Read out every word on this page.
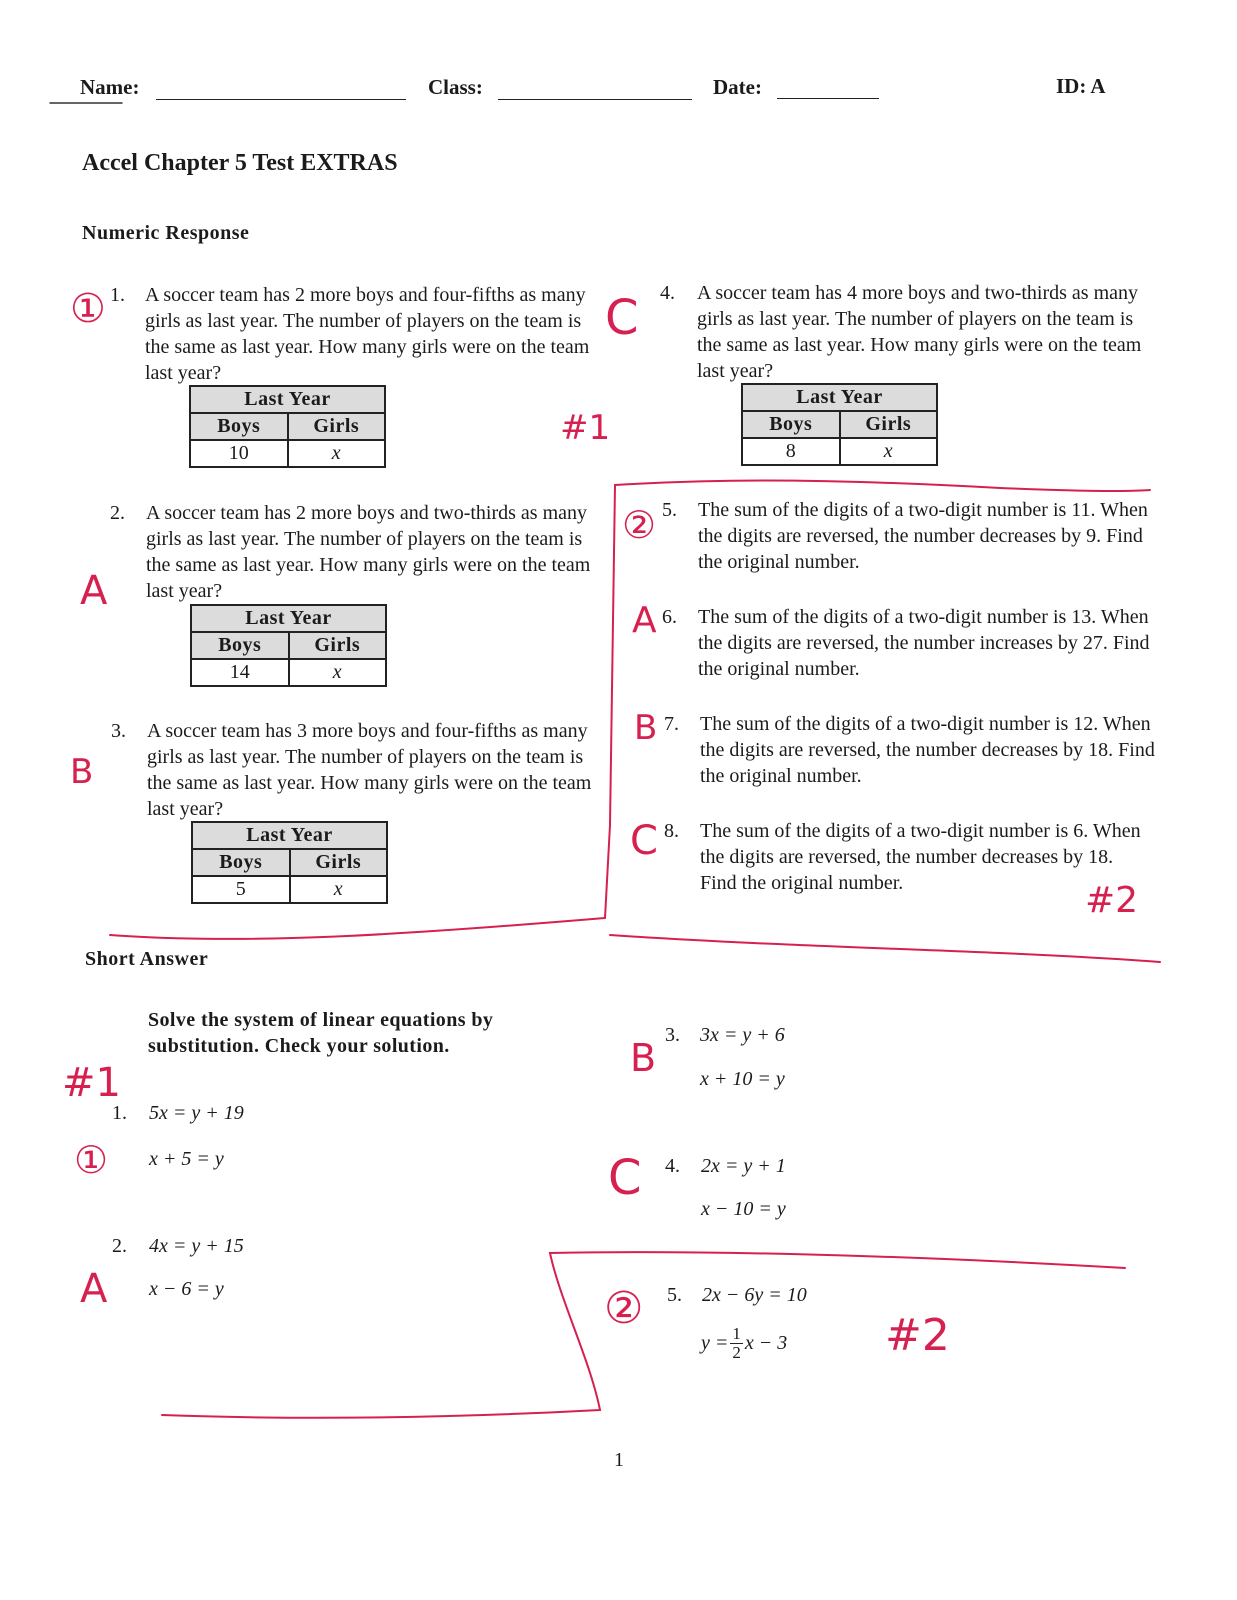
Name:	Class:	Date:	ID: A
Accel Chapter 5 Test EXTRAS
Numeric Response
1. A soccer team has 2 more boys and four-fifths as many girls as last year. The number of players on the team is the same as last year. How many girls were on the team last year?
Last Year	
Boys	Girls
10	x
2. A soccer team has 2 more boys and two-thirds as many girls as last year. The number of players on the team is the same as last year. How many girls were on the team last year?
Last Year	
Boys	Girls
14	x
3. A soccer team has 3 more boys and four-fifths as many girls as last year. The number of players on the team is the same as last year. How many girls were on the team last year?
Last Year	
Boys	Girls
5	x
4. A soccer team has 4 more boys and two-thirds as many girls as last year. The number of players on the team is the same as last year. How many girls were on the team last year?
Last Year	
Boys	Girls
8	x
5. The sum of the digits of a two-digit number is 11. When the digits are reversed, the number decreases by 9. Find the original number.
6. The sum of the digits of a two-digit number is 13. When the digits are reversed, the number increases by 27. Find the original number.
7. The sum of the digits of a two-digit number is 12. When the digits are reversed, the number decreases by 18. Find the original number.
8. The sum of the digits of a two-digit number is 6. When the digits are reversed, the number decreases by 18. Find the original number.
Short Answer
Solve the system of linear equations by substitution. Check your solution.
1. 5x = y + 19
x + 5 = y
2. 4x = y + 15
x − 6 = y
3. 3x = y + 6
x + 10 = y
4. 2x = y + 1
x − 10 = y
5. 2x − 6y = 10
$y = \frac{1}{2}$ x − 3
1
①
A
B
C
#1
②
A
B
C
#2
#1
①
A
B
C
②
#2
